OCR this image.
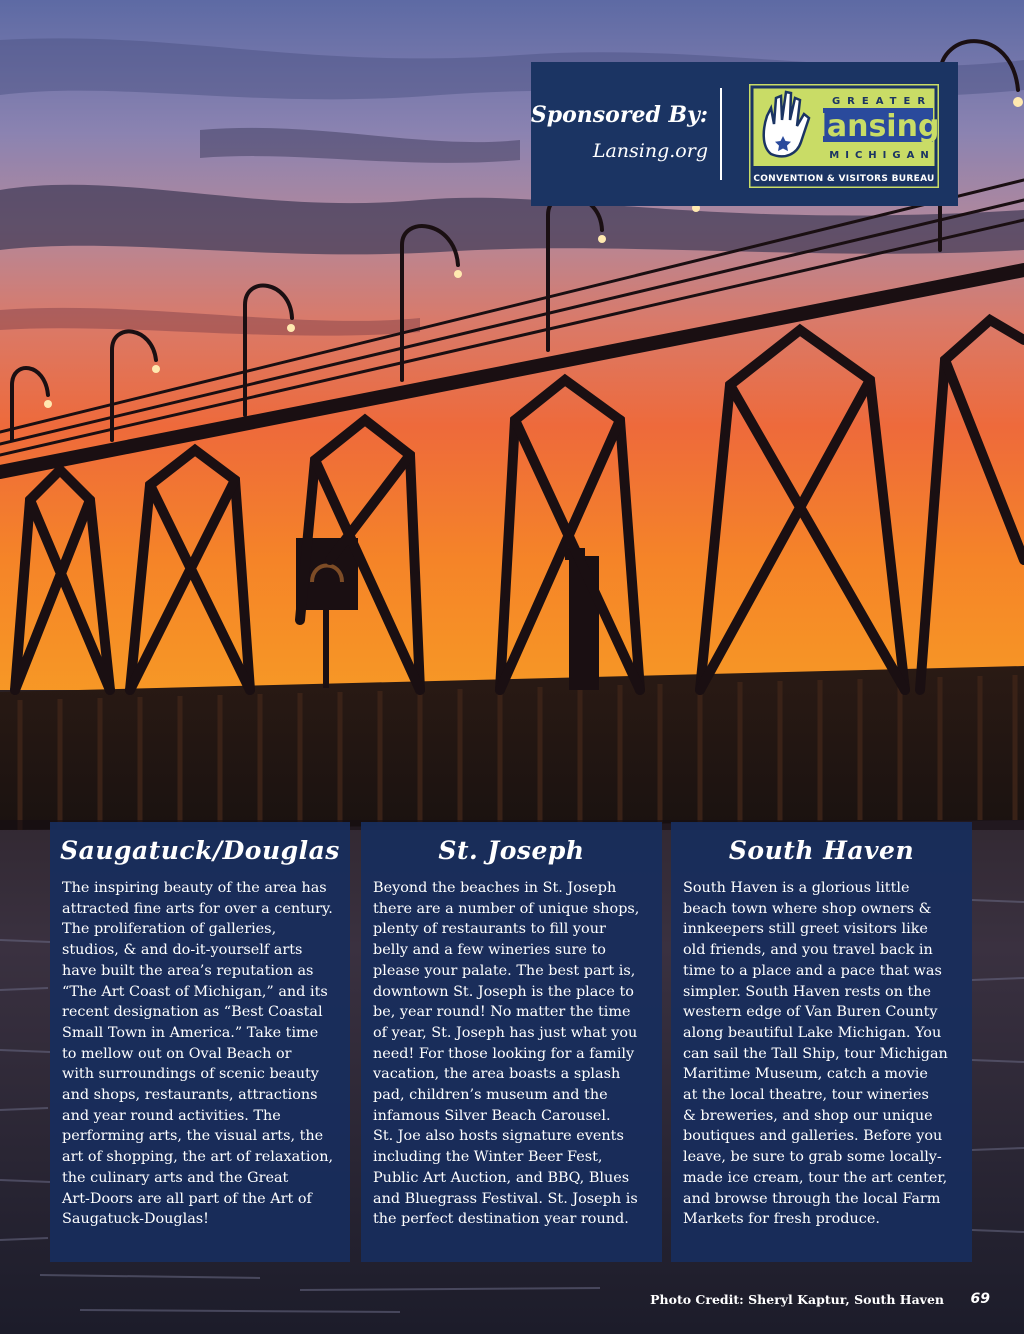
Sponsored By:
Lansing.org
GREATER
lansing
MICHIGAN
CONVENTION & VISITORS BUREAU
Saugatuck/Douglas

The inspiring beauty of the area has
attracted fine arts for over a century.
The proliferation of galleries,
studios, & and do-it-yourself arts
have built the area’s reputation as
“The Art Coast of Michigan,” and its
recent designation as “Best Coastal
Small Town in America.” Take time
to mellow out on Oval Beach or
with surroundings of scenic beauty
and shops, restaurants, attractions
and year round activities. The
performing arts, the visual arts, the
art of shopping, the art of relaxation,
the culinary arts and the Great
Art-Doors are all part of the Art of
Saugatuck-Douglas!

St. Joseph

Beyond the beaches in St. Joseph
there are a number of unique shops,
plenty of restaurants to fill your
belly and a few wineries sure to
please your palate. The best part is,
downtown St. Joseph is the place to
be, year round! No matter the time
of year, St. Joseph has just what you
need! For those looking for a family
vacation, the area boasts a splash
pad, children’s museum and the
infamous Silver Beach Carousel.
St. Joe also hosts signature events
including the Winter Beer Fest,
Public Art Auction, and BBQ, Blues
and Bluegrass Festival. St. Joseph is
the perfect destination year round.

South Haven

South Haven is a glorious little
beach town where shop owners &
innkeepers still greet visitors like
old friends, and you travel back in
time to a place and a pace that was
simpler. South Haven rests on the
western edge of Van Buren County
along beautiful Lake Michigan. You
can sail the Tall Ship, tour Michigan
Maritime Museum, catch a movie
at the local theatre, tour wineries
& breweries, and shop our unique
boutiques and galleries. Before you
leave, be sure to grab some locally-
made ice cream, tour the art center,
and browse through the local Farm
Markets for fresh produce.

Photo Credit: Sheryl Kaptur, South Haven 69
